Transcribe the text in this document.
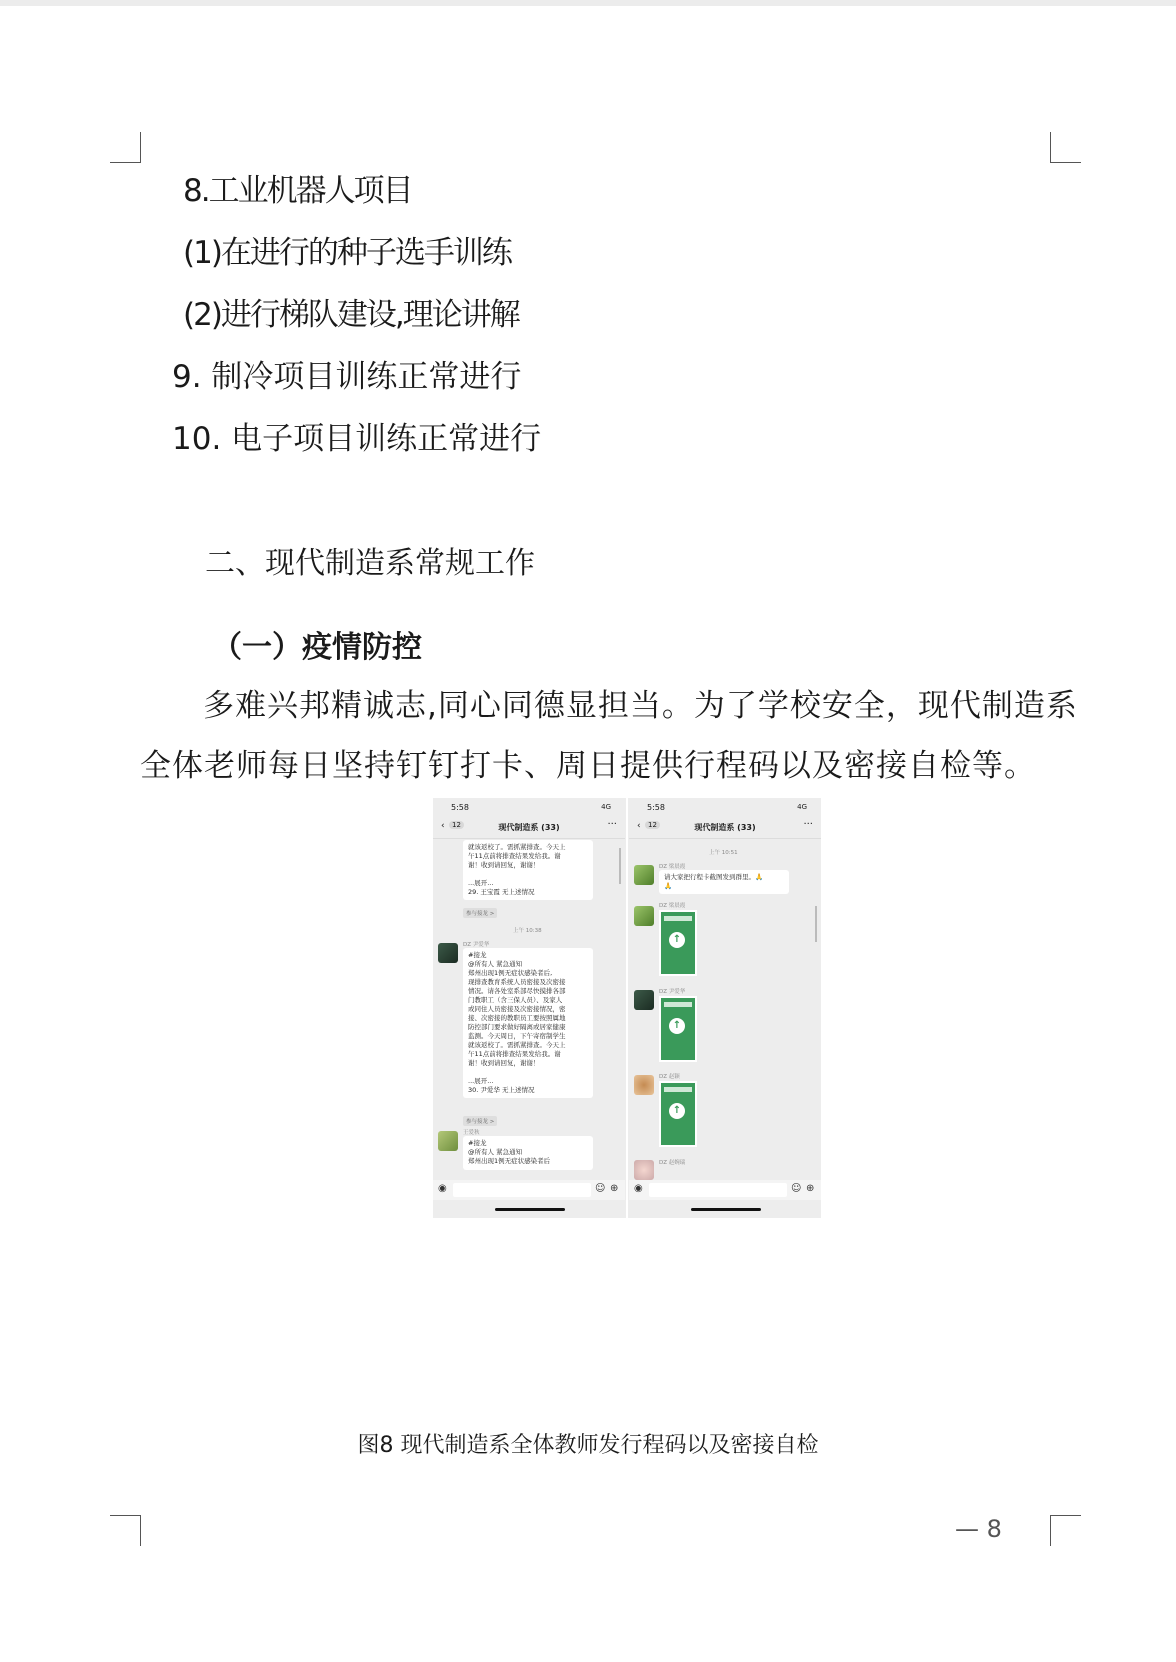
8.工业机器人项目
(1)在进行的种子选手训练
(2)进行梯队建设,理论讲解
9. 制冷项目训练正常进行
10. 电子项目训练正常进行
二、现代制造系常规工作
（一）疫情防控
多难兴邦精诚志,同心同德显担当。为了学校安全，现代制造系
全体老师每日坚持钉钉打卡、周日提供行程码以及密接自检等。
5:58	4G
‹	12	现代制造系 (33)	···
就该返校了。需抓紧排查。今天上
午11点前将排查结果发给我。谢
谢！收到请回复，谢谢！

...展开...
29. 王宝霞 无上述情况
参与接龙 >
上午 10:38
DZ 尹爱华
#接龙
@所有人 紧急通知
郑州出现1例无症状感染者后,
现排查教育系统人员密接及次密接
情况。请各处室系部尽快摸排各部
门教职工（含三保人员）、及家人
或同住人员密接及次密接情况，密
接、次密接的教职员工要按照属地
防控部门要求做好隔离或居家健康
监测。今天周日，下午寄宿制学生
就该返校了。需抓紧排查。今天上
午11点前将排查结果发给我。谢
谢！收到请回复，谢谢！

...展开...
30. 尹爱华 无上述情况
参与接龙 >
王爱秋
#接龙
@所有人 紧急通知
郑州出现1例无症状感染者后
◉	☺ ⊕
5:58	4G
‹	12	现代制造系 (33)	···
上午 10:51
DZ 梁晨霞
请大家把行程卡截图发到群里。🙏
🙏
DZ 梁晨霞
↑
DZ 尹爱华
↑
DZ 赵颖
↑
DZ 赵婉瑞
◉	☺ ⊕
图8 现代制造系全体教师发行程码以及密接自检
— 8
